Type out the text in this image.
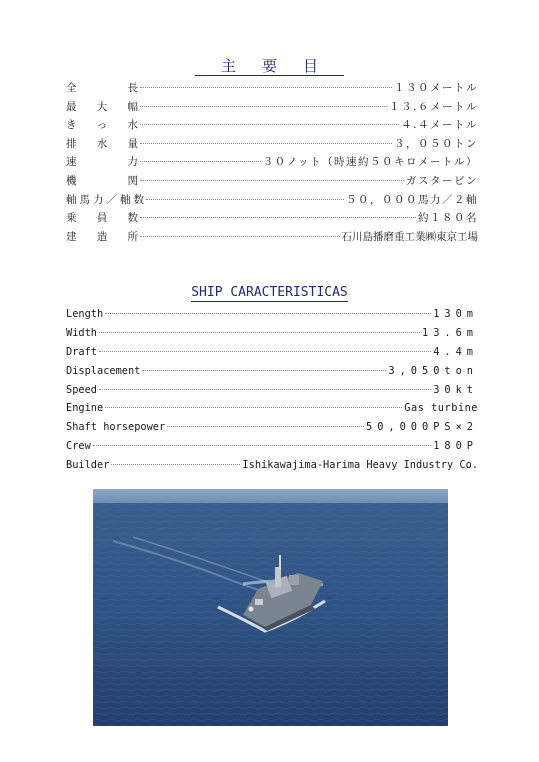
主要目
全	長	１３０メートル
最 大 幅	１３.６メートル
き っ 水	４.４メートル
排 水 量	３，０５０トン
速	力	３０ノット（時速約５０キロメートル）
機	関	ガスタービン
軸 馬 力 ／ 軸 数	５０，０００馬力／２軸
乗 員 数	約１８０名
建 造 所	石川島播磨重工業㈱東京工場
SHIP CARACTERISTICAS
Length	130m
Width	13.6m
Draft	4.4m
Displacement	3,050ton
Speed	30kt
Engine	Gas turbine
Shaft horsepower	50,000PS×2
Crew	180P
Builder	Ishikawajima-Harima Heavy Industry Co.
